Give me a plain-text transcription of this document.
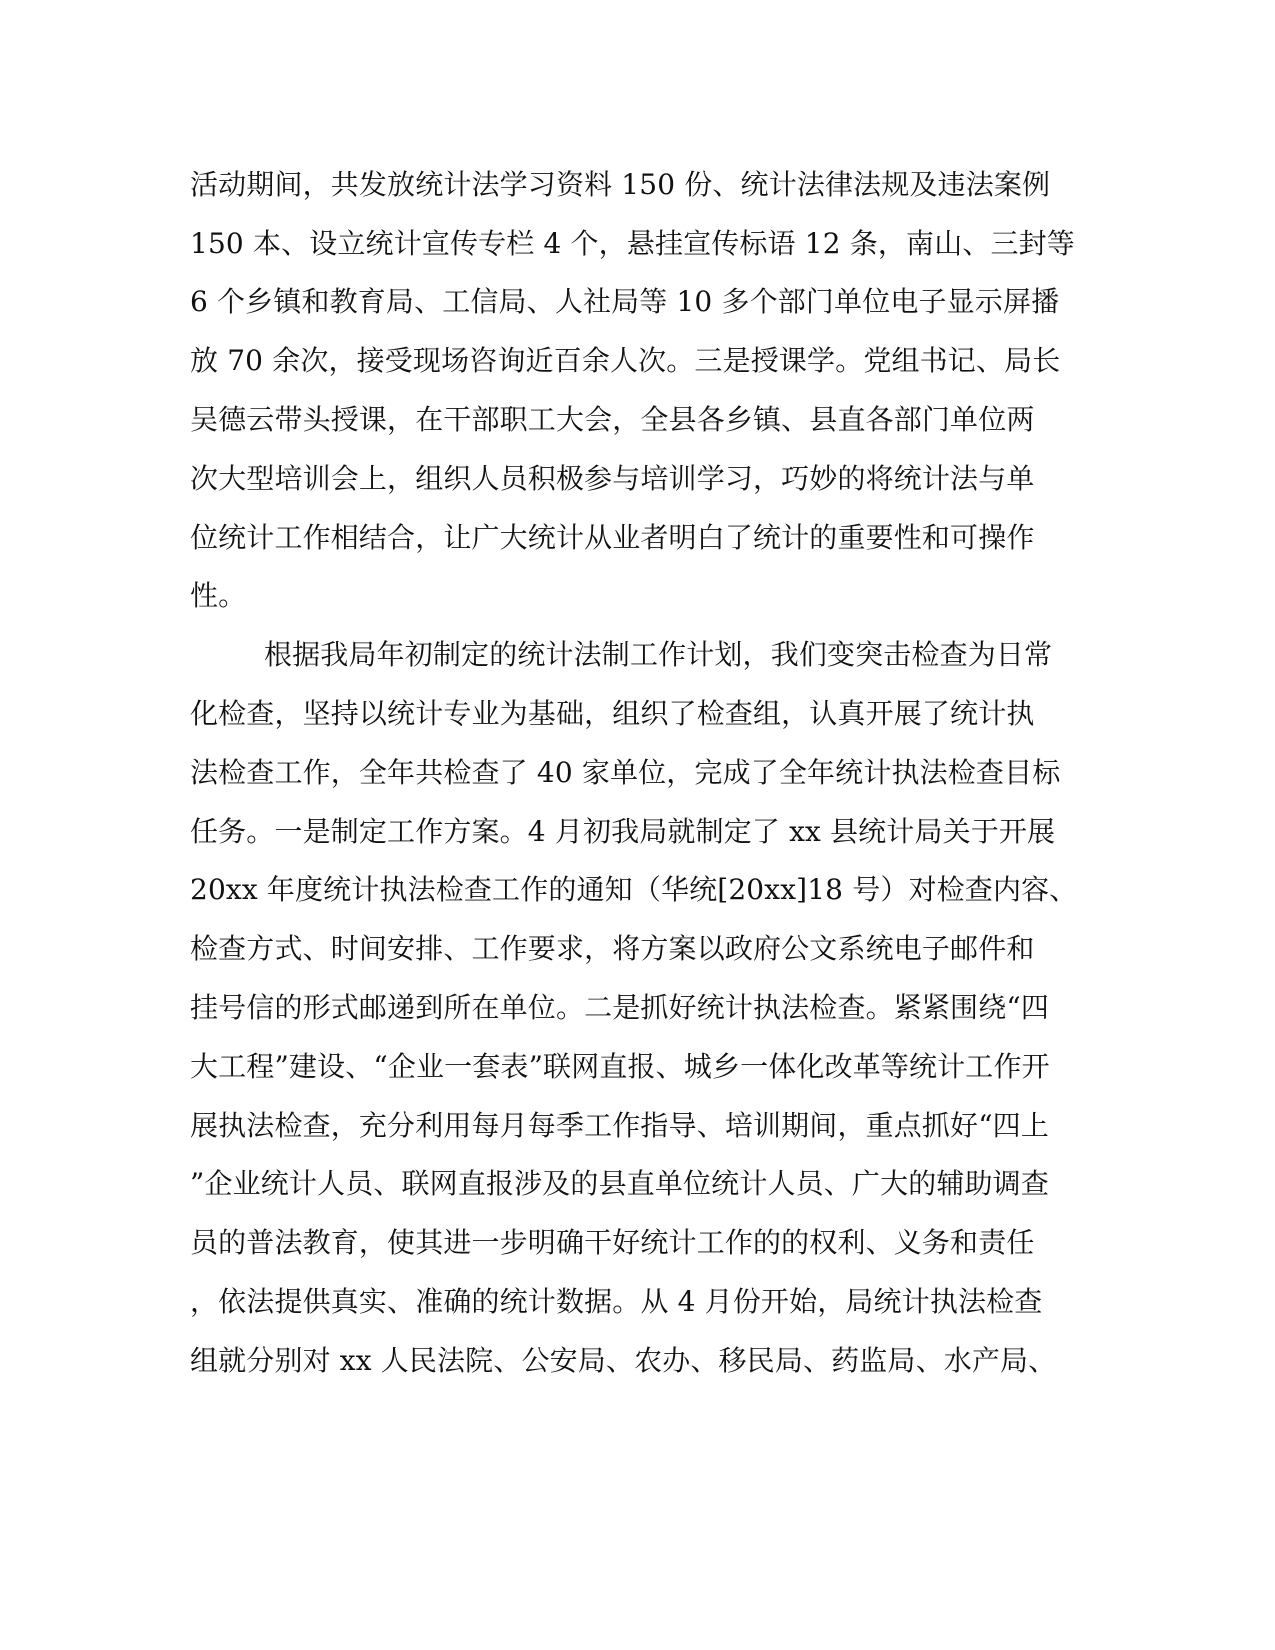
活动期间，共发放统计法学习资料 150 份、统计法律法规及违法案例
150 本、设立统计宣传专栏 4 个，悬挂宣传标语 12 条，南山、三封等
6 个乡镇和教育局、工信局、人社局等 10 多个部门单位电子显示屏播
放 70 余次，接受现场咨询近百余人次。三是授课学。党组书记、局长
吴德云带头授课，在干部职工大会，全县各乡镇、县直各部门单位两
次大型培训会上，组织人员积极参与培训学习，巧妙的将统计法与单
位统计工作相结合，让广大统计从业者明白了统计的重要性和可操作
性。
根据我局年初制定的统计法制工作计划，我们变突击检查为日常
化检查，坚持以统计专业为基础，组织了检查组，认真开展了统计执
法检查工作，全年共检查了 40 家单位，完成了全年统计执法检查目标
任务。一是制定工作方案。4 月初我局就制定了 xx 县统计局关于开展
20xx 年度统计执法检查工作的通知（华统[20xx]18 号）对检查内容、
检查方式、时间安排、工作要求，将方案以政府公文系统电子邮件和
挂号信的形式邮递到所在单位。二是抓好统计执法检查。紧紧围绕“四
大工程”建设、“企业一套表”联网直报、城乡一体化改革等统计工作开
展执法检查，充分利用每月每季工作指导、培训期间，重点抓好“四上
”企业统计人员、联网直报涉及的县直单位统计人员、广大的辅助调查
员的普法教育，使其进一步明确干好统计工作的的权利、义务和责任
，依法提供真实、准确的统计数据。从 4 月份开始，局统计执法检查
组就分别对 xx 人民法院、公安局、农办、移民局、药监局、水产局、
